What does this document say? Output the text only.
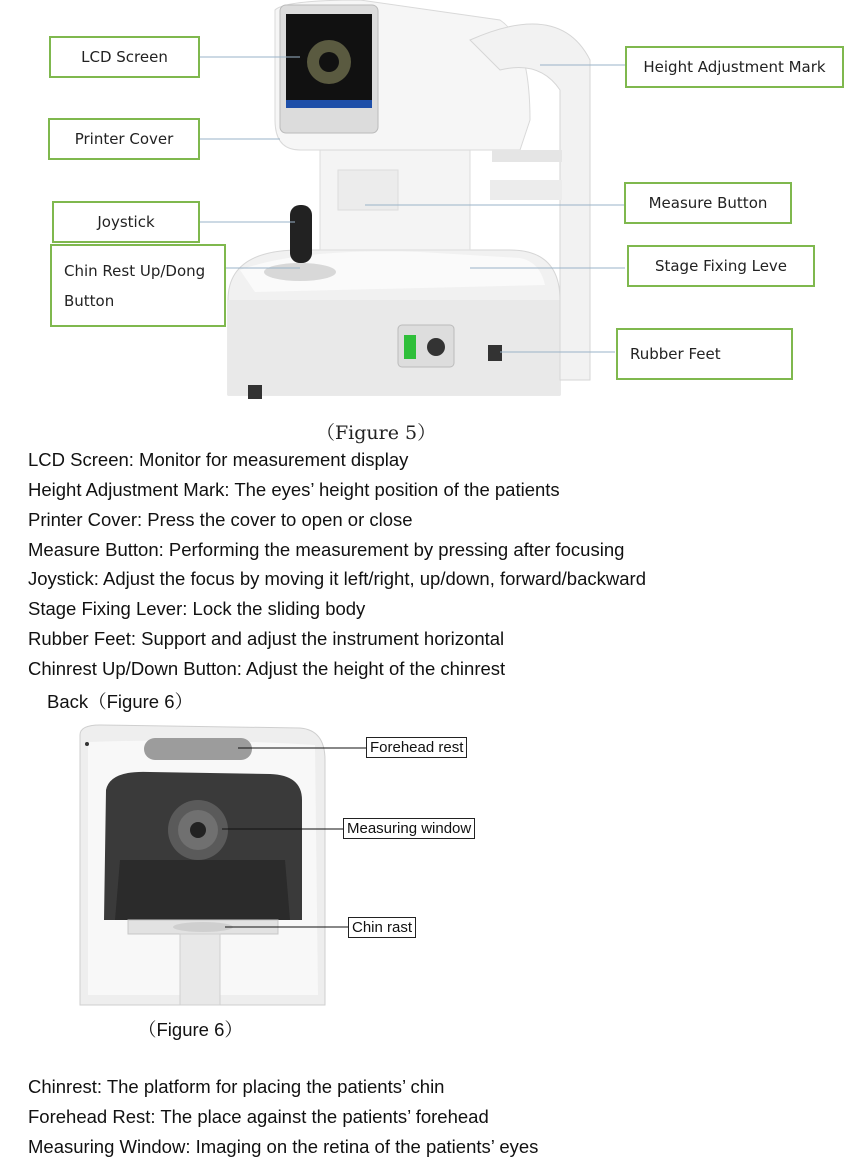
LCD Screen
Printer Cover
Joystick
Chin Rest Up/Dong
Button
Height Adjustment Mark
Measure Button
Stage Fixing Leve
Rubber Feet
（Figure 5）
LCD Screen: Monitor for measurement display
Height Adjustment Mark: The eyes’ height position of the patients
Printer Cover: Press the cover to open or close
Measure Button: Performing the measurement by pressing after focusing
Joystick: Adjust the focus by moving it left/right, up/down, forward/backward
Stage Fixing Lever: Lock the sliding body
Rubber Feet: Support and adjust the instrument horizontal
Chinrest Up/Down Button: Adjust the height of the chinrest
Back（Figure 6）
Forehead rest
Measuring window
Chin rast
（Figure 6）
Chinrest: The platform for placing the patients’ chin
Forehead Rest: The place against the patients’ forehead
Measuring Window: Imaging on the retina of the patients’ eyes
